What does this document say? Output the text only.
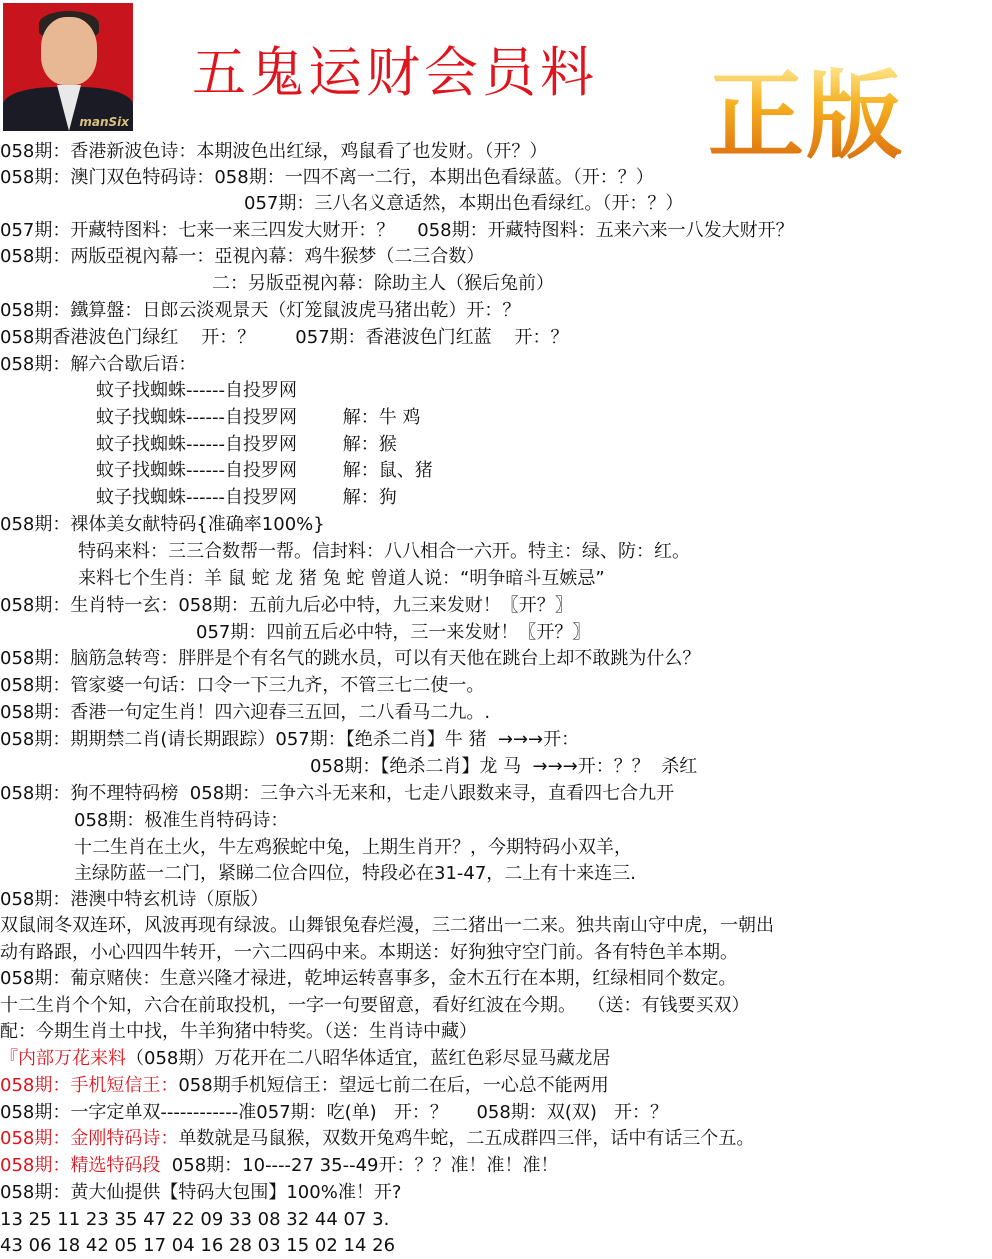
manSix
五鬼运财会员料 正版
058期：香港新波色诗：本期波色出红绿，鸡鼠看了也发财。（开？）
058期：澳门双色特码诗：058期：一四不离一二行，本期出色看绿蓝。（开：？）
057期：三八名义意适然，本期出色看绿红。（开：？）
057期：开藏特图料：七来一来三四发大财开：？    058期：开藏特图料：五来六来一八发大财开？
058期：两版亞視內幕一：亞視內幕：鸡牛猴梦（二三合数）
二：另版亞視內幕：除助主人（猴后兔前）
058期：鐵算盤：日郎云淡观景天（灯笼鼠波虎马猪出乾）开：？
058期香港波色门绿红    开：？       057期：香港波色门红蓝    开：？
058期：解六合歇后语：
蚊子找蜘蛛------自投罗网
蚊子找蜘蛛------自投罗网        解：牛 鸡
蚊子找蜘蛛------自投罗网        解：猴
蚊子找蜘蛛------自投罗网        解：鼠、猪
蚊子找蜘蛛------自投罗网        解：狗
058期：裸体美女献特码{准确率100%}
特码来料：三三合数帮一帮。信封料：八八相合一六开。特主：绿、防：红。
来料七个生肖：羊 鼠 蛇 龙 猪 兔 蛇 曾道人说：“明争暗斗互嫉忌”
058期：生肖特一玄：058期：五前九后必中特，九三来发财！〖开？〗
057期：四前五后必中特，三一来发财！〖开？〗
058期：脑筋急转弯：胖胖是个有名气的跳水员，可以有天他在跳台上却不敢跳为什么？
058期：管家婆一句话：口令一下三九齐，不管三七二使一。
058期：香港一句定生肖！四六迎春三五回，二八看马二九。.
058期：期期禁二肖(请长期跟踪）057期：【绝杀二肖】牛 猪  →→→开：
058期：【绝杀二肖】龙 马  →→→开：？？  杀红
058期：狗不理特码榜  058期：三争六斗无来和，七走八跟数来寻，直看四七合九开
058期：极准生肖特码诗：
十二生肖在土火，牛左鸡猴蛇中兔，上期生肖开？，今期特码小双羊，
主绿防蓝一二门，紧睇二位合四位，特段必在31-47，二上有十来连三.
058期：港澳中特玄机诗（原版）
双鼠闹冬双连环，风波再现有绿波。山舞银兔春烂漫，三二猪出一二来。独共南山守中虎，一朝出
动有路跟，小心四四牛转开，一六二四码中来。本期送：好狗独守空门前。各有特色羊本期。
058期：葡京赌侠：生意兴隆才禄进，乾坤运转喜事多，金木五行在本期，红绿相同个数定。
十二生肖个个知，六合在前取投机，一字一句要留意，看好红波在今期。  （送：有钱要买双）
配：今期生肖土中找，牛羊狗猪中特奖。（送：生肖诗中藏）
『内部万花来料（058期）万花开在二八昭华体适宜，蓝红色彩尽显马藏龙居
058期：手机短信王：058期手机短信王：望远七前二在后，一心总不能两用
058期：一字定单双------------准057期：吃(单)   开：？     058期：双(双)   开：？
058期：金刚特码诗：单数就是马鼠猴，双数开兔鸡牛蛇，二五成群四三伴，话中有话三个五。
058期：精选特码段  058期：10----27 35--49开：？？准！准！准！
058期：黄大仙提供【特码大包围】100%准！开?
13 25 11 23 35 47 22 09 33 08 32 44 07 3.
43 06 18 42 05 17 04 16 28 03 15 02 14 26
